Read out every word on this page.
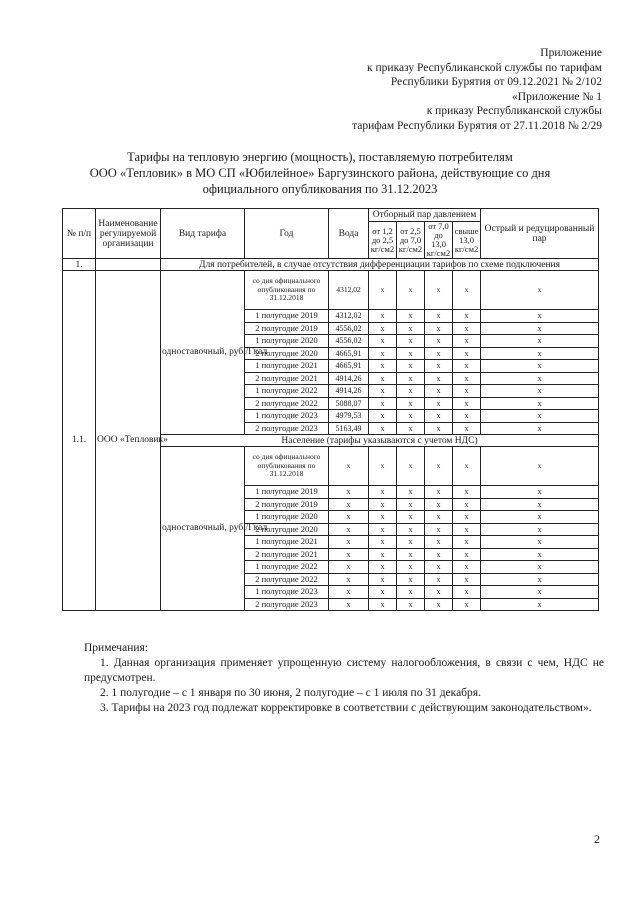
Приложение
к приказу Республиканской службы по тарифам
Республики Бурятия от 09.12.2021 № 2/102
«Приложение № 1
к приказу Республиканской службы
тарифам Республики Бурятия от 27.11.2018 № 2/29
Тарифы на тепловую энергию (мощность), поставляемую потребителям
ООО «Тепловик» в МО СП «Юбилейное» Баргузинского района, действующие со дня
официального опубликования по 31.12.2023
№ п/п	Наименование регулируемой организации	Вид тарифа	Год	Вода	Отборный пар давлением				Острый и редуцированный пар
					от 1,2 до 2,5 кг/см2	от 2,5 до 7,0 кг/см2	от 7,0 до 13,0 кг/см2	свыше 13,0 кг/см2	
1.		Для потребителей, в случае отсутствия дифференциации тарифов по схеме подключения							
1.1.	ООО «Тепловик»	одноставочный, руб./Гкал	со дня официального опубликования по 31.12.2018	4312,02	x	x	x	x	x
			1 полугодие 2019	4312,02	x	x	x	x	x
			2 полугодие 2019	4556,02	x	x	x	x	x
			1 полугодие 2020	4556,02	x	x	x	x	x
			2 полугодие 2020	4665,91	x	x	x	x	x
			1 полугодие 2021	4665,91	x	x	x	x	x
			2 полугодие 2021	4914,26	x	x	x	x	x
			1 полугодие 2022	4914,26	x	x	x	x	x
			2 полугодие 2022	5088,07	x	x	x	x	x
			1 полугодие 2023	4979,53	x	x	x	x	x
			2 полугодие 2023	5163,49	x	x	x	x	x
		Население (тарифы указываются с учетом НДС)							
		одноставочный, руб./Гкал	со дня официального опубликования по 31.12.2018	x	x	x	x	x	x
			1 полугодие 2019	x	x	x	x	x	x
			2 полугодие 2019	x	x	x	x	x	x
			1 полугодие 2020	x	x	x	x	x	x
			2 полугодие 2020	x	x	x	x	x	x
			1 полугодие 2021	x	x	x	x	x	x
			2 полугодие 2021	x	x	x	x	x	x
			1 полугодие 2022	x	x	x	x	x	x
			2 полугодие 2022	x	x	x	x	x	x
			1 полугодие 2023	x	x	x	x	x	x
			2 полугодие 2023	x	x	x	x	x	x
Примечания:
1. Данная организация применяет упрощенную систему налогообложения, в связи с чем, НДС не предусмотрен.
2. 1 полугодие – с 1 января по 30 июня, 2 полугодие – с 1 июля по 31 декабря.
3. Тарифы на 2023 год подлежат корректировке в соответствии с действующим законодательством».
2
